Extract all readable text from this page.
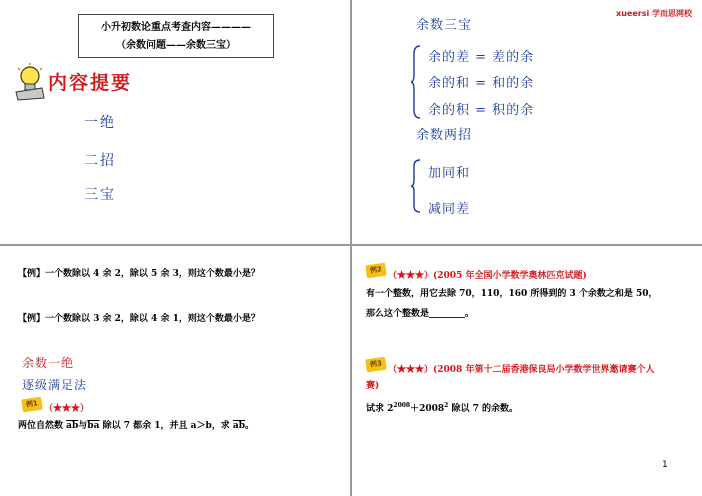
小升初数论重点考查内容————
（余数问题——余数三宝）
内容提要
一绝
二招
三宝
xueersi 学而思网校
余数三宝
余的差 = 差的余
余的和 = 和的余
余的积 = 积的余
余数两招
加同和
减同差
【例】一个数除以 4 余 2，除以 5 余 3，则这个数最小是？
【例】一个数除以 3 余 2，除以 4 余 1，则这个数最小是？
余数一绝
逐级满足法
例1 （★★★）
两位自然数 $\overline{ab}$与$\overline{ba}$ 除以 7 都余 1，并且 a＞b，求 $\overline{ab}$。
例2
（★★★）(2005 年全国小学数学奥林匹克试题)
有一个整数，用它去除 70，110，160 所得到的 3 个余数之和是 50，
那么这个整数是________。
例3
（★★★）(2008 年第十二届香港保良局小学数学世界邀请赛个人
赛)
试求 $2^{2008}+2008^2$ 除以 7 的余数。
1
